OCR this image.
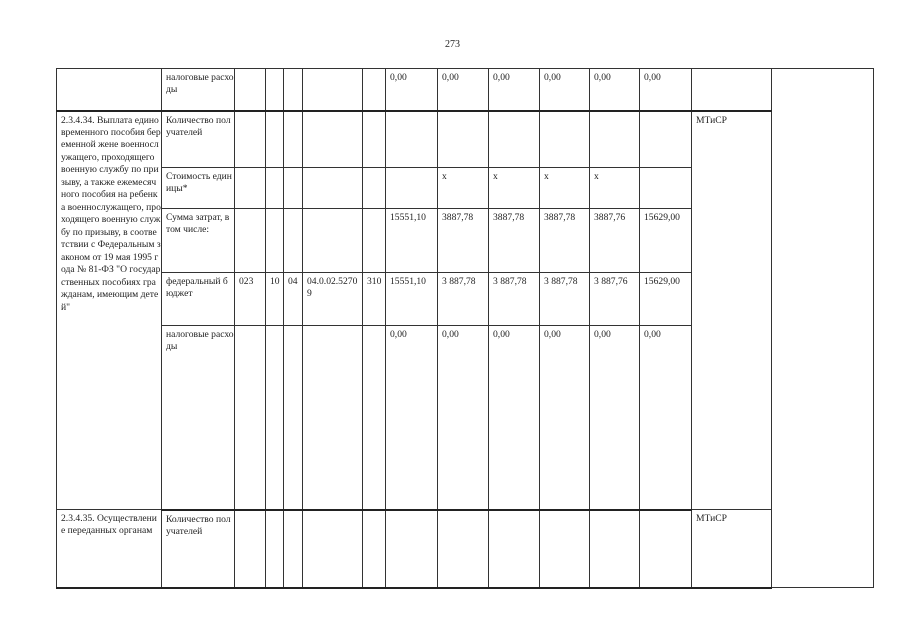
273
	налоговые расходы						0,00	0,00	0,00	0,00	0,00	0,00		
2.3.4.34. Выплата единовременного пособия беременной жене военнослужащего, проходящего военную службу по призыву, а также ежемесячного пособия на ребенка военнослужащего, проходящего военную службу по призыву, в соответствии с Федеральным законом от 19 мая 1995 года № 81-ФЗ "О государственных пособиях гражданам, имеющим детей"	Количество получателей												МТиСР	
	Стоимость единицы*							х	х	х	х			
	Сумма затрат, в том числе:						15551,10	3887,78	3887,78	3887,78	3887,76	15629,00		
	федеральный бюджет	023	10	04	04.0.02.52709	310	15551,10	3 887,78	3 887,78	3 887,78	3 887,76	15629,00		
	налоговые расходы						0,00	0,00	0,00	0,00	0,00	0,00		
2.3.4.35. Осуществление переданных органам	Количество получателей												МТиСР	
